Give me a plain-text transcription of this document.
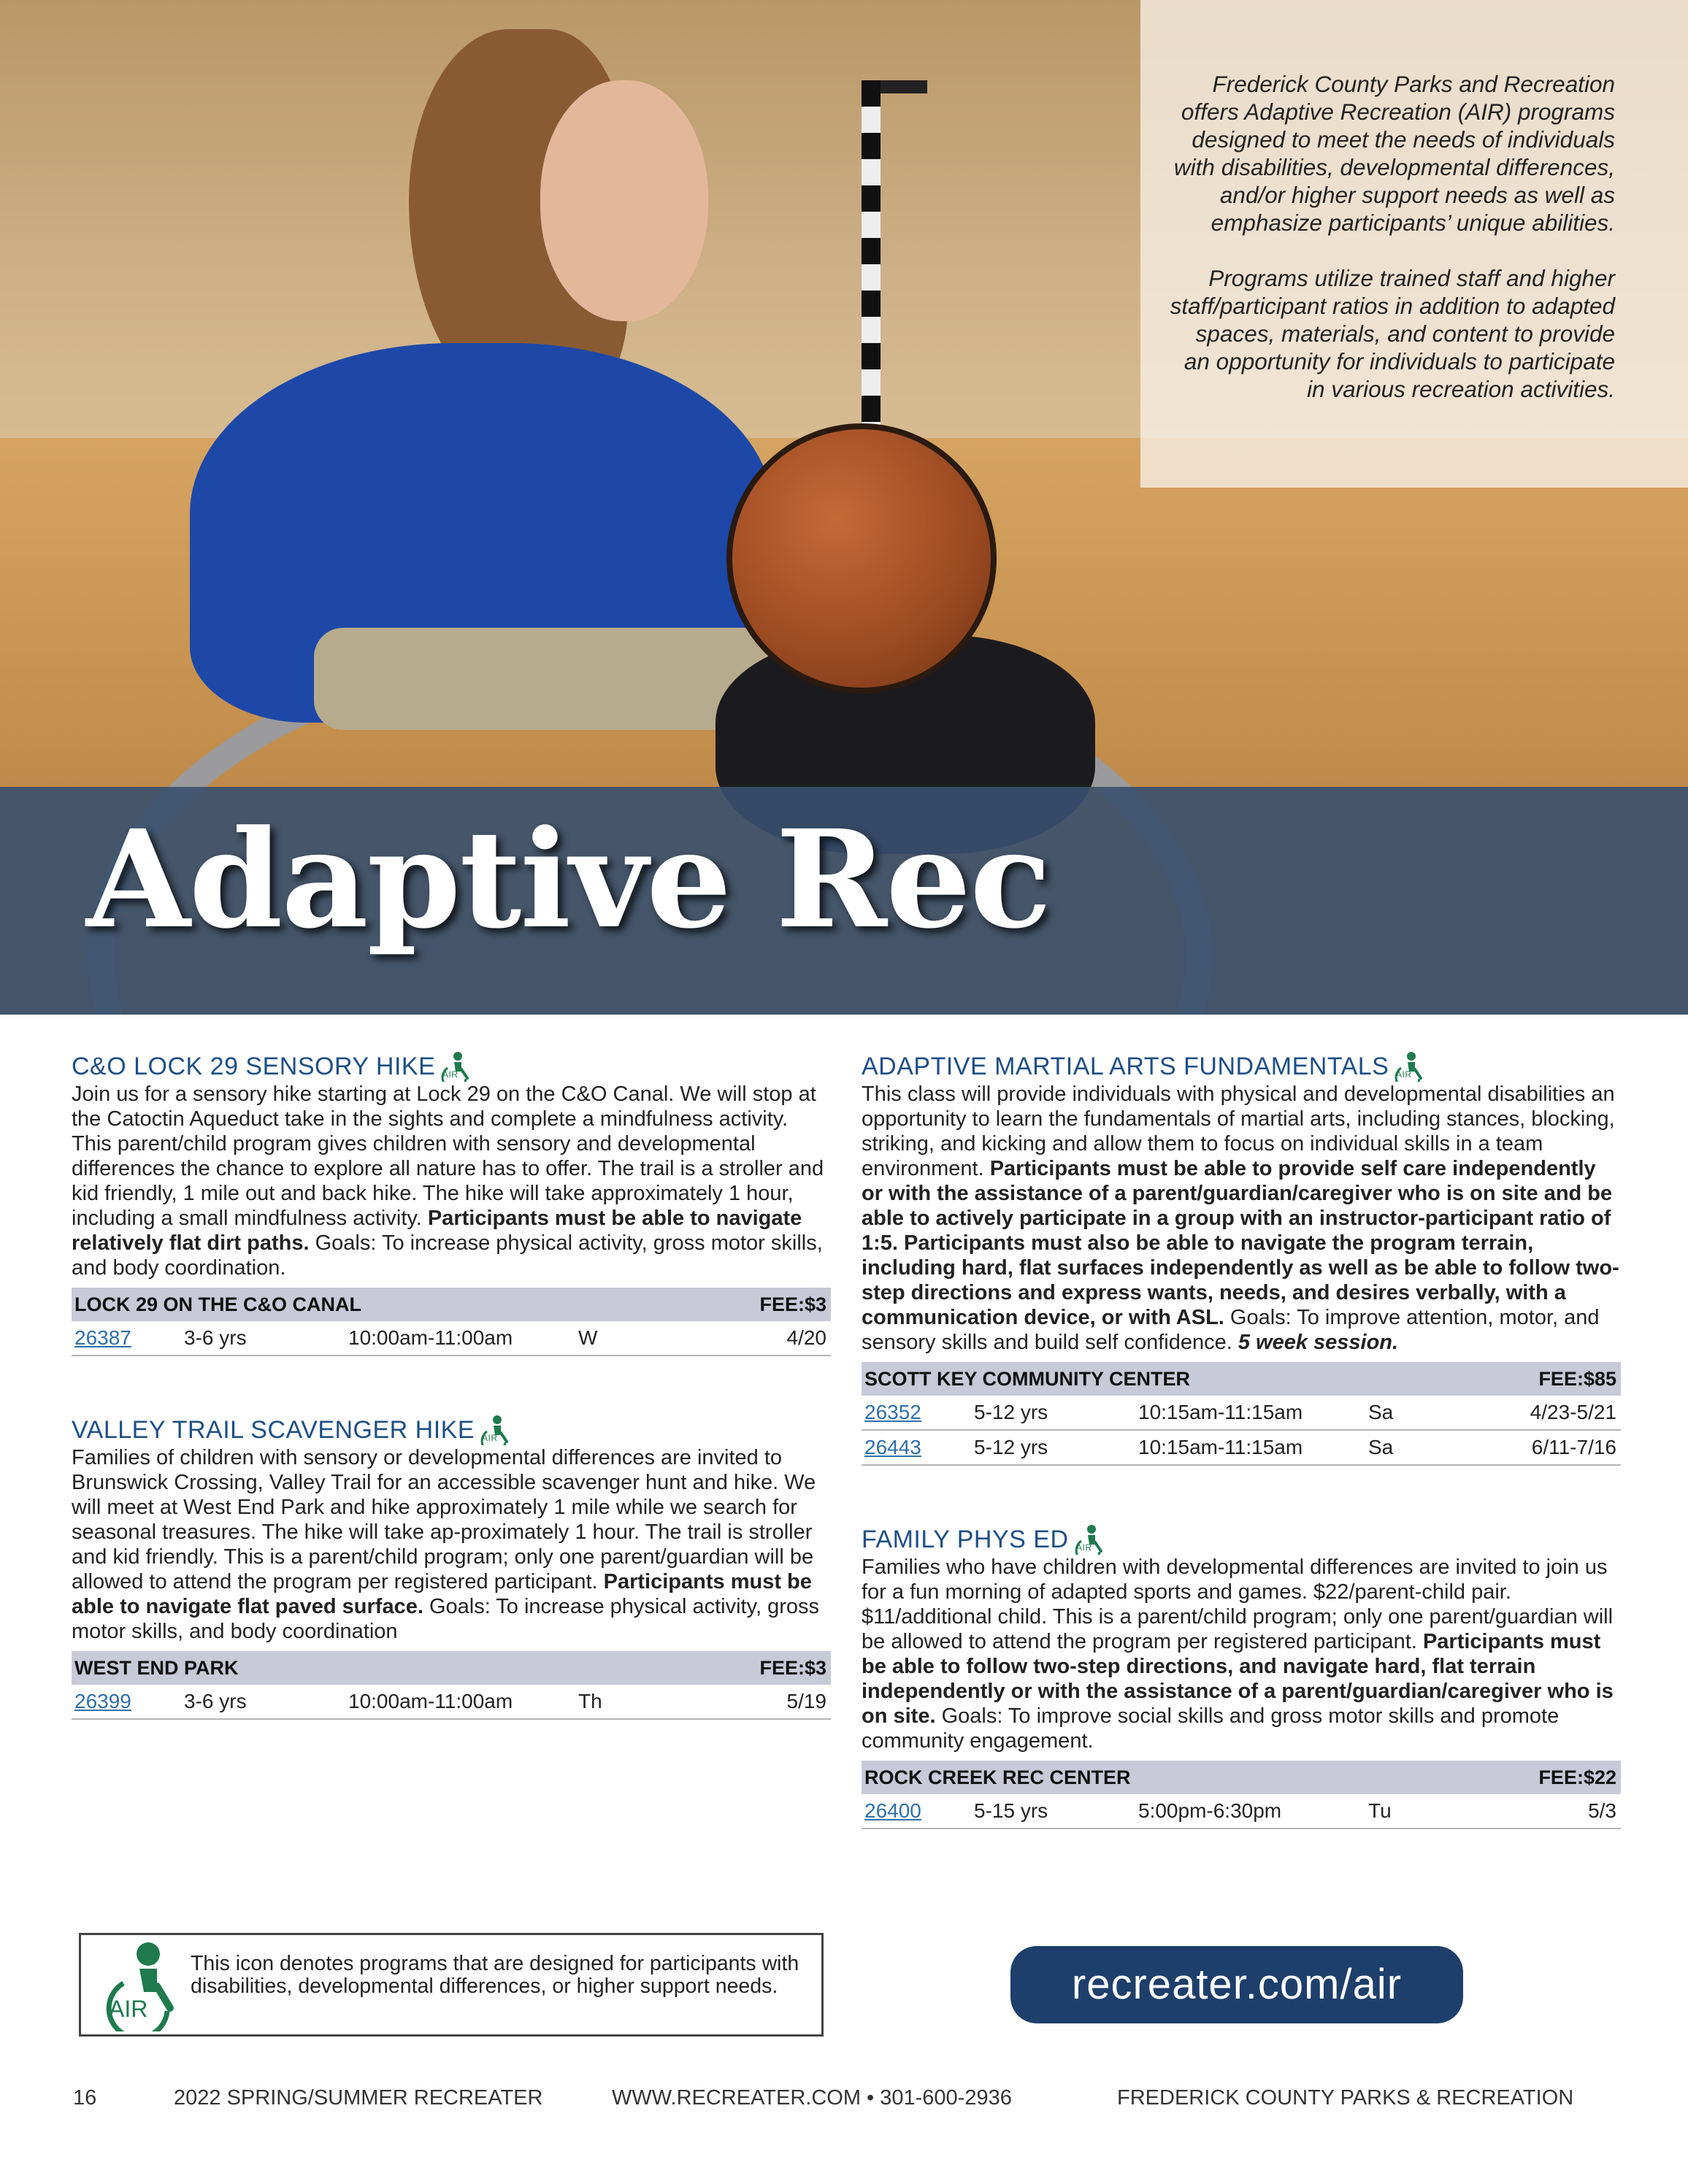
Frederick County Parks and Recreation offers Adaptive Recreation (AIR) programs designed to meet the needs of individuals with disabilities, developmental differences, and/or higher support needs as well as emphasize participants’ unique abilities.

Programs utilize trained staff and higher staff/participant ratios in addition to adapted spaces, materials, and content to provide an opportunity for individuals to participate in various recreation activities.

Adaptive Rec
C&O LOCK 29 SENSORY HIKE AIR
Join us for a sensory hike starting at Lock 29 on the C&O Canal. We will stop at the Catoctin Aqueduct take in the sights and complete a mindfulness activity. This parent/child program gives children with sensory and developmental differences the chance to explore all nature has to offer. The trail is a stroller and kid friendly, 1 mile out and back hike. The hike will take approximately 1 hour, including a small mindfulness activity. Participants must be able to navigate relatively flat dirt paths. Goals: To increase physical activity, gross motor skills, and body coordination.
LOCK 29 ON THE C&O CANAL	FEE:$3
26387	3-6 yrs	10:00am-11:00am	W	4/20
VALLEY TRAIL SCAVENGER HIKE AIR
Families of children with sensory or developmental differences are invited to Brunswick Crossing, Valley Trail for an accessible scavenger hunt and hike. We will meet at West End Park and hike approximately 1 mile while we search for seasonal treasures. The hike will take ap-proximately 1 hour. The trail is stroller and kid friendly. This is a parent/child program; only one parent/guardian will be allowed to attend the program per registered participant. Participants must be able to navigate flat paved surface. Goals: To increase physical activity, gross motor skills, and body coordination
WEST END PARK	FEE:$3
26399	3-6 yrs	10:00am-11:00am	Th	5/19
ADAPTIVE MARTIAL ARTS FUNDAMENTALS AIR
This class will provide individuals with physical and developmental disabilities an opportunity to learn the fundamentals of martial arts, including stances, blocking, striking, and kicking and allow them to focus on individual skills in a team environment. Participants must be able to provide self care independently or with the assistance of a parent/guardian/caregiver who is on site and be able to actively participate in a group with an instructor-participant ratio of 1:5. Participants must also be able to navigate the program terrain, including hard, flat surfaces independently as well as be able to follow two-step directions and express wants, needs, and desires verbally, with a communication device, or with ASL. Goals: To improve attention, motor, and sensory skills and build self confidence. 5 week session.
SCOTT KEY COMMUNITY CENTER	FEE:$85
26352	5-12 yrs	10:15am-11:15am	Sa	4/23-5/21
26443	5-12 yrs	10:15am-11:15am	Sa	6/11-7/16
FAMILY PHYS ED AIR
Families who have children with developmental differences are invited to join us for a fun morning of adapted sports and games. $22/parent-child pair. $11/additional child. This is a parent/child program; only one parent/guardian will be allowed to attend the program per registered participant. Participants must be able to follow two-step directions, and navigate hard, flat terrain independently or with the assistance of a parent/guardian/caregiver who is on site. Goals: To improve social skills and gross motor skills and promote community engagement.
ROCK CREEK REC CENTER	FEE:$22
26400	5-15 yrs	5:00pm-6:30pm	Tu	5/3
AIR
This icon denotes programs that are designed for participants with disabilities, developmental differences, or higher support needs.	recreater.com/air
16	2022 SPRING/SUMMER RECREATER	WWW.RECREATER.COM • 301-600-2936	FREDERICK COUNTY PARKS & RECREATION
